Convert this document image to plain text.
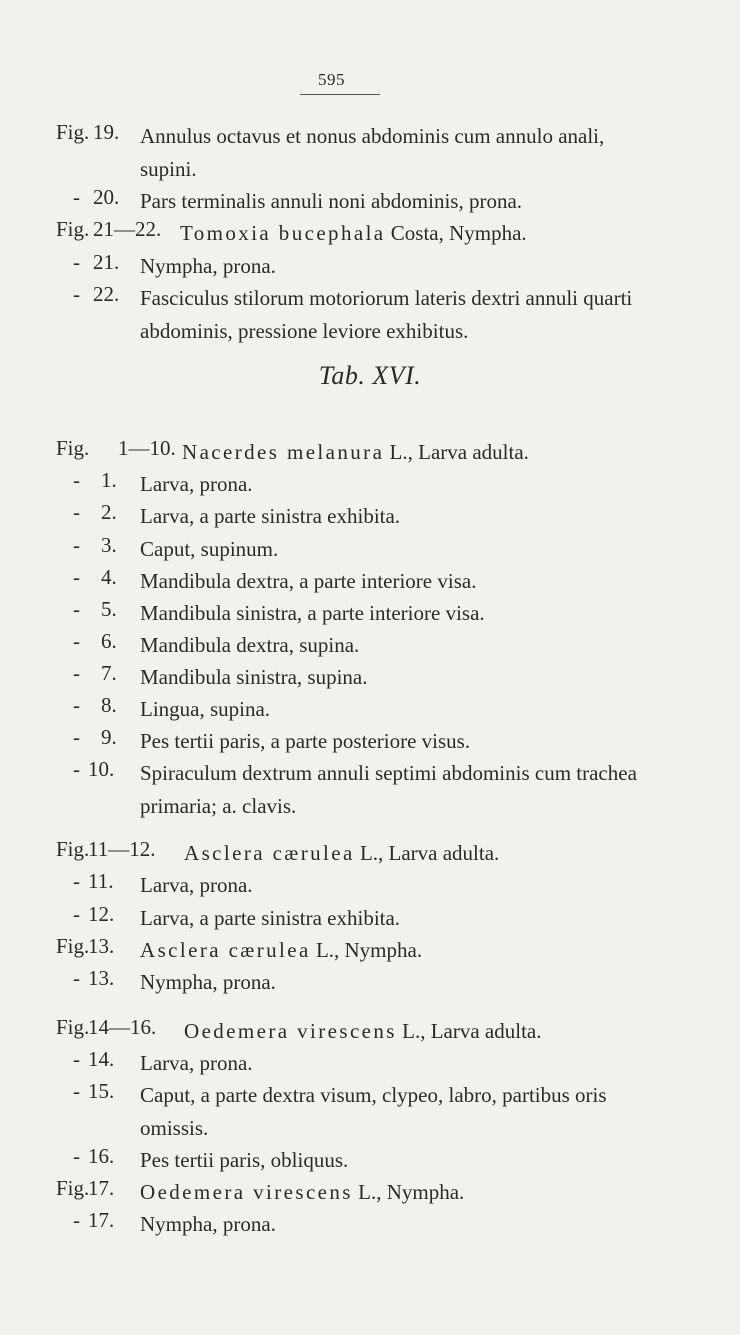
595
Fig. 19. Annulus octavus et nonus abdominis cum annulo anali, supini.
- 20. Pars terminalis annuli noni abdominis, prona.
Fig. 21—22. Tomoxia bucephala Costa, Nympha.
- 21. Nympha, prona.
- 22. Fasciculus stilorum motoriorum lateris dextri annuli quarti abdominis, pressione leviore exhibitus.
Tab. XVI.
Fig. 1—10. Nacerdes melanura L., Larva adulta.
- 1. Larva, prona.
- 2. Larva, a parte sinistra exhibita.
- 3. Caput, supinum.
- 4. Mandibula dextra, a parte interiore visa.
- 5. Mandibula sinistra, a parte interiore visa.
- 6. Mandibula dextra, supina.
- 7. Mandibula sinistra, supina.
- 8. Lingua, supina.
- 9. Pes tertii paris, a parte posteriore visus.
- 10. Spiraculum dextrum annuli septimi abdominis cum trachea primaria; a. clavis.
Fig.
11—12. Asclera cærulea L., Larva adulta.
- 11. Larva, prona.
- 12. Larva, a parte sinistra exhibita.
Fig.
13. Asclera cærulea L., Nympha.
- 13. Nympha, prona.
Fig.
14—16. Oedemera virescens L., Larva adulta.
- 14. Larva, prona.
- 15. Caput, a parte dextra visum, clypeo, labro, partibus oris omissis.
- 16. Pes tertii paris, obliquus.
Fig.
17. Oedemera virescens L., Nympha.
- 17. Nympha, prona.
